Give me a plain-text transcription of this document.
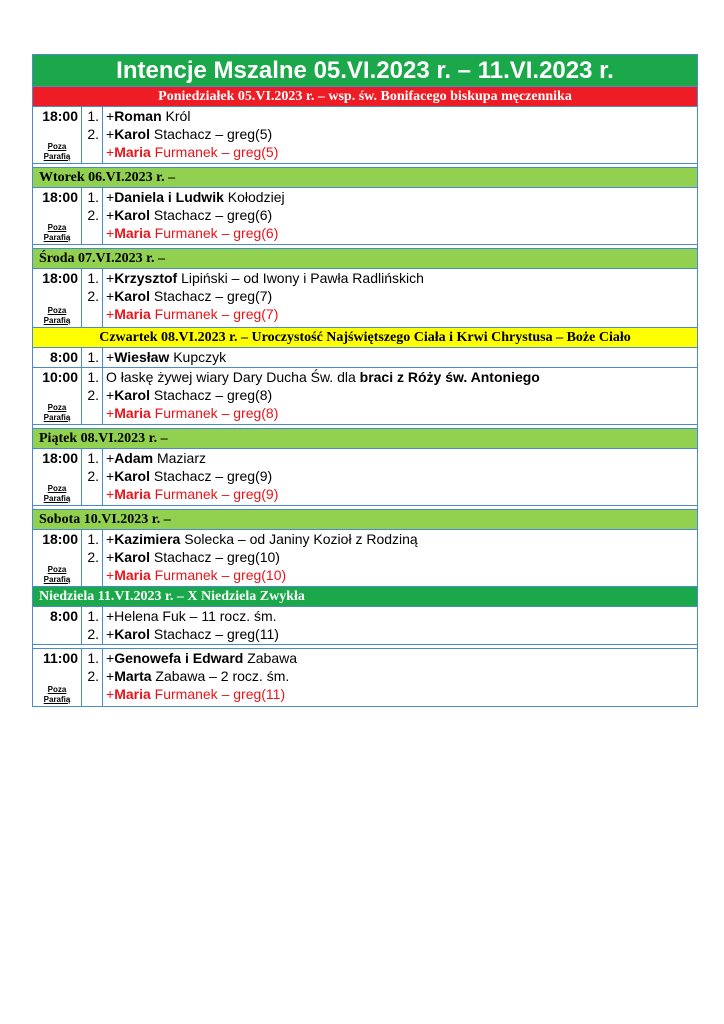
Intencje Mszalne 05.VI.2023 r. – 11.VI.2023 r.
Poniedziałek 05.VI.2023 r. – wsp. św. Bonifacego biskupa męczennika
18:00
Poza
Parafią
1.
2.
+Roman Król
+Karol Stachacz – greg(5)
+Maria Furmanek – greg(5)
Wtorek 06.VI.2023 r. –
18:00
Poza
Parafią
1.
2.
+Daniela i Ludwik Kołodziej
+Karol Stachacz – greg(6)
+Maria Furmanek – greg(6)
Środa 07.VI.2023 r. –
18:00
Poza
Parafią
1.
2.
+Krzysztof Lipiński – od Iwony i Pawła Radlińskich
+Karol Stachacz – greg(7)
+Maria Furmanek – greg(7)
Czwartek 08.VI.2023 r. – Uroczystość Najświętszego Ciała i Krwi Chrystusa – Boże Ciało
8:00 1. +Wiesław Kupczyk
10:00
Poza
Parafią
1.
2.
O łaskę żywej wiary Dary Ducha Św. dla braci z Róży św. Antoniego
+Karol Stachacz – greg(8)
+Maria Furmanek – greg(8)
Piątek 08.VI.2023 r. –
18:00
Poza
Parafią
1.
2.
+Adam Maziarz
+Karol Stachacz – greg(9)
+Maria Furmanek – greg(9)
Sobota 10.VI.2023 r. –
18:00
Poza
Parafią
1.
2.
+Kazimiera Solecka – od Janiny Kozioł z Rodziną
+Karol Stachacz – greg(10)
+Maria Furmanek – greg(10)
Niedziela 11.VI.2023 r. – X Niedziela Zwykła
8:00 1.
2.
+Helena Fuk – 11 rocz. śm.
+Karol Stachacz – greg(11)
11:00
Poza
Parafią
1.
2.
+Genowefa i Edward Zabawa
+Marta Zabawa – 2 rocz. śm.
+Maria Furmanek – greg(11)
